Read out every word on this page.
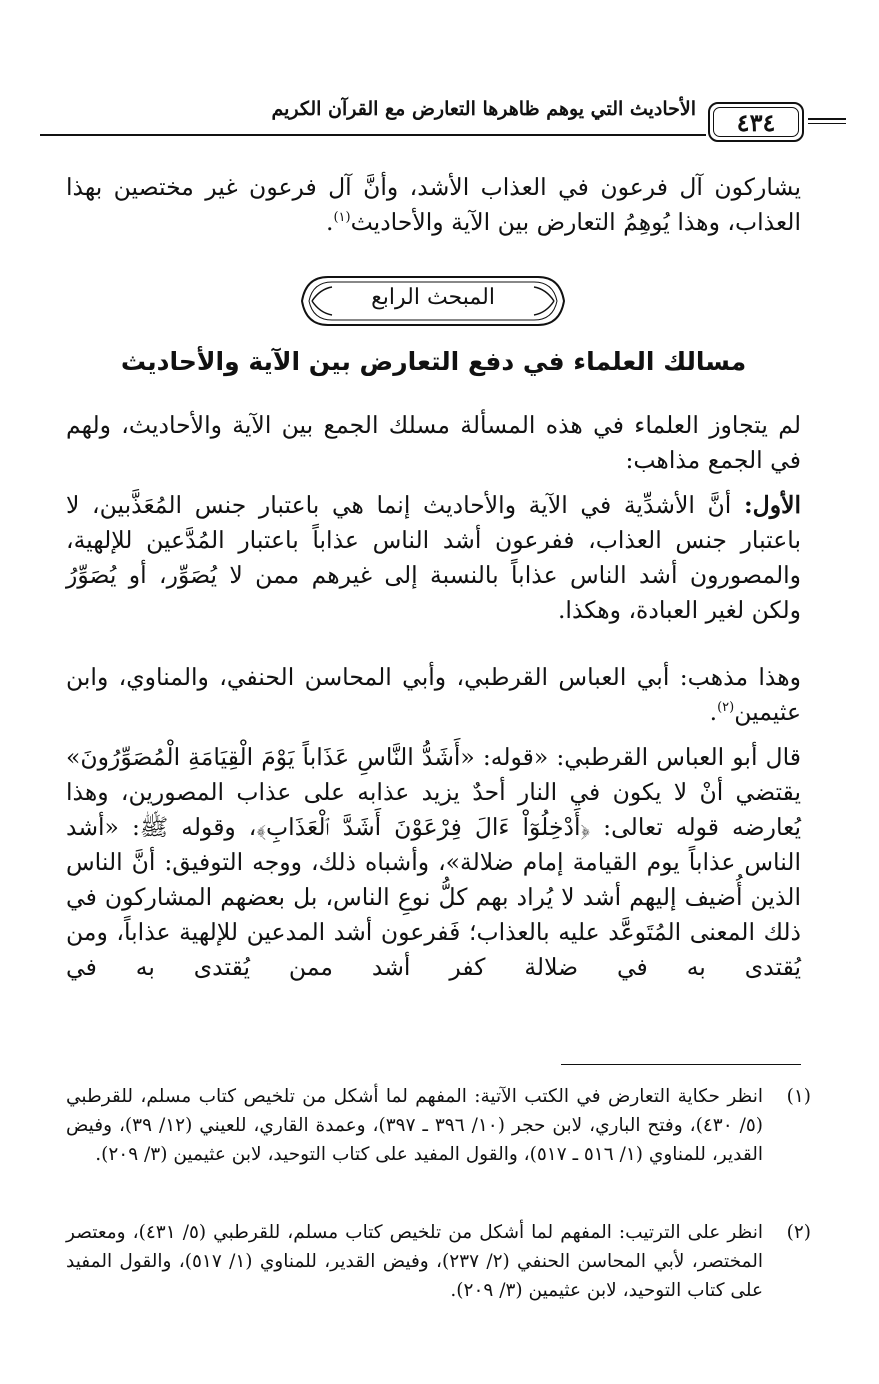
٤٣٤
الأحاديث التي يوهم ظاهرها التعارض مع القرآن الكريم

يشاركون آل فرعون في العذاب الأشد، وأنَّ آل فرعون غير مختصين بهذا العذاب، وهذا يُوهِمُ التعارض بين الآية والأحاديث$^{(١)}$.

المبحث الرابع
مسالك العلماء في دفع التعارض بين الآية والأحاديث

لم يتجاوز العلماء في هذه المسألة مسلك الجمع بين الآية والأحاديث، ولهم في الجمع مذاهب:

الأول: أنَّ الأشدِّية في الآية والأحاديث إنما هي باعتبار جنس المُعَذَّبين، لا باعتبار جنس العذاب، ففرعون أشد الناس عذاباً باعتبار المُدَّعين للإلهية، والمصورون أشد الناس عذاباً بالنسبة إلى غيرهم ممن لا يُصَوِّر، أو يُصَوِّرُ ولكن لغير العبادة، وهكذا.

وهذا مذهب: أبي العباس القرطبي، وأبي المحاسن الحنفي، والمناوي، وابن عثيمين$^{(٢)}$.

قال أبو العباس القرطبي: «قوله: «أَشَدُّ النَّاسِ عَذَاباً يَوْمَ الْقِيَامَةِ الْمُصَوِّرُونَ» يقتضي أنْ لا يكون في النار أحدٌ يزيد عذابه على عذاب المصورين، وهذا يُعارضه قوله تعالى: ﴿أَدْخِلُوٓاْ ءَالَ فِرْعَوْنَ أَشَدَّ ٱلْعَذَابِ﴾، وقوله ﷺ: «أشد الناس عذاباً يوم القيامة إمام ضلالة»، وأشباه ذلك، ووجه التوفيق: أنَّ الناس الذين أُضيف إليهم أشد لا يُراد بهم كلُّ نوعِ الناس، بل بعضهم المشاركون في ذلك المعنى المُتَوعَّد عليه بالعذاب؛ فَفرعون أشد المدعين للإلهية عذاباً، ومن يُقتدى به في ضلالة كفر أشد ممن يُقتدى به في

(١)
انظر حكاية التعارض في الكتب الآتية: المفهم لما أشكل من تلخيص كتاب مسلم، للقرطبي (٥/ ٤٣٠)، وفتح الباري، لابن حجر (١٠/ ٣٩٦ ـ ٣٩٧)، وعمدة القاري، للعيني (١٢/ ٣٩)، وفيض القدير، للمناوي (١/ ٥١٦ ـ ٥١٧)، والقول المفيد على كتاب التوحيد، لابن عثيمين (٣/ ٢٠٩).
(٢)
انظر على الترتيب: المفهم لما أشكل من تلخيص كتاب مسلم، للقرطبي (٥/ ٤٣١)، ومعتصر المختصر، لأبي المحاسن الحنفي (٢/ ٢٣٧)، وفيض القدير، للمناوي (١/ ٥١٧)، والقول المفيد على كتاب التوحيد، لابن عثيمين (٣/ ٢٠٩).
